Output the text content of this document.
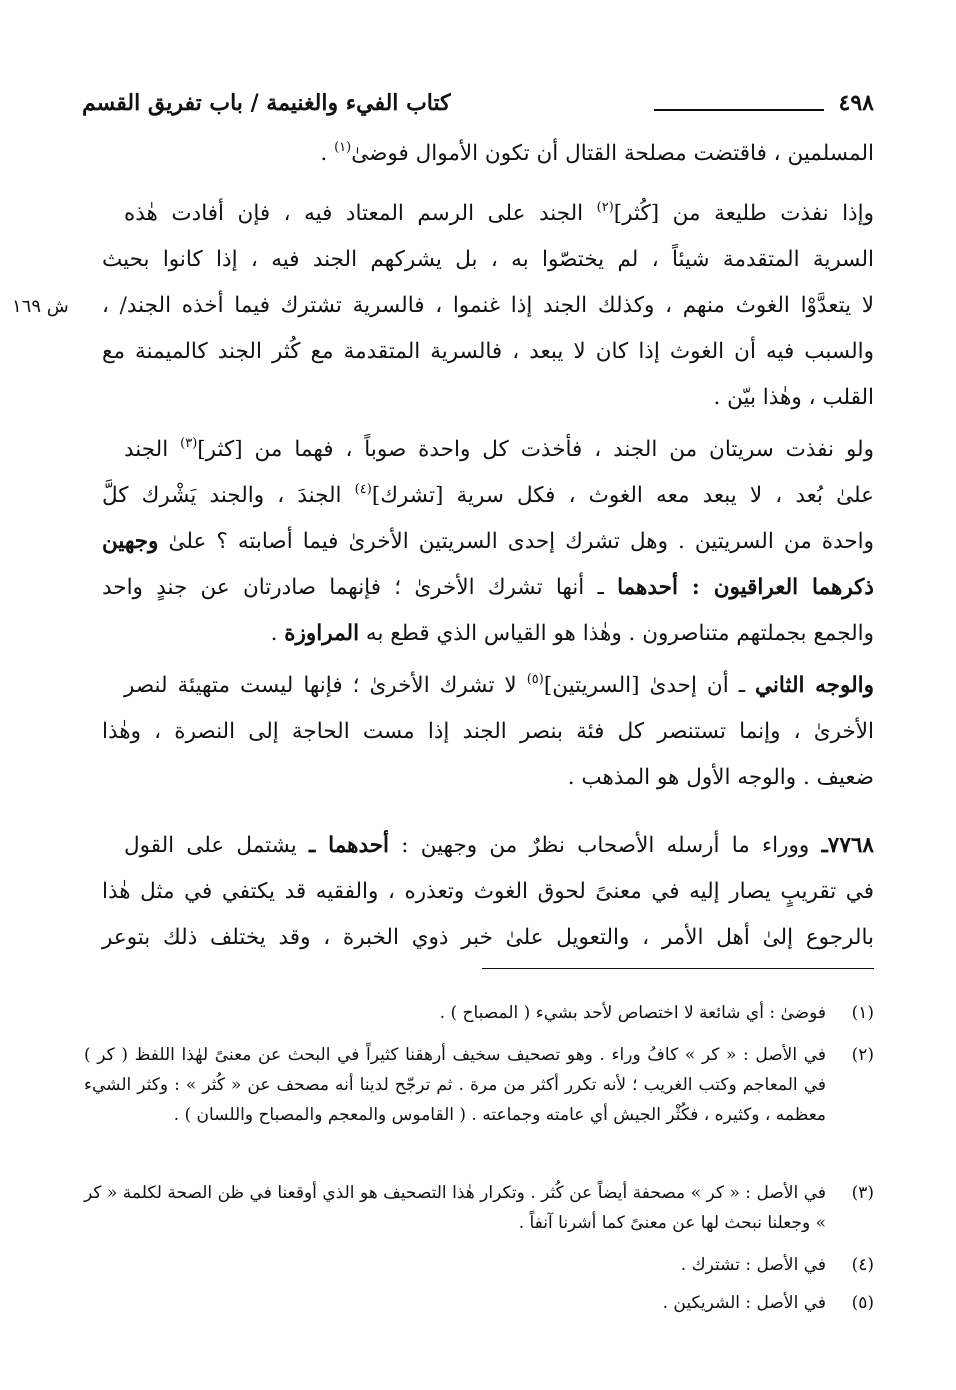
٤٩٨
كتاب الفيء والغنيمة / باب تفريق القسم
ش ١٦٩
المسلمين ، فاقتضت مصلحة القتال أن تكون الأموال فوضىٰ$^{(١)}$ .
وإذا نفذت طليعة من [كُثر]$^{(٢)}$ الجند على الرسم المعتاد فيه ، فإن أفادت هٰذه
السرية المتقدمة شيئاً ، لم يختصّوا به ، بل يشركهم الجند فيه ، إذا كانوا بحيث
لا يتعدَّوْا الغوث منهم ، وكذلك الجند إذا غنموا ، فالسرية تشترك فيما أخذه الجند/ ،
والسبب فيه أن الغوث إذا كان لا يبعد ، فالسرية المتقدمة مع كُثر الجند كالميمنة مع
القلب ، وهٰذا بيّن .
ولو نفذت سريتان من الجند ، فأخذت كل واحدة صوباً ، فهما من [كثر]$^{(٣)}$ الجند
علىٰ بُعد ، لا يبعد معه الغوث ، فكل سرية [تشرك]$^{(٤)}$ الجندَ ، والجند يَشْرك كلَّ
واحدة من السريتين . وهل تشرك إحدى السريتين الأخرىٰ فيما أصابته ؟ علىٰ وجهين
ذكرهما العراقيون : أحدهما ـ أنها تشرك الأخرىٰ ؛ فإنهما صادرتان عن جندٍ واحد
والجمع بجملتهم متناصرون . وهٰذا هو القياس الذي قطع به المراوزة .
والوجه الثاني ـ أن إحدىٰ [السريتين]$^{(٥)}$ لا تشرك الأخرىٰ ؛ فإنها ليست متهيئة لنصر
الأخرىٰ ، وإنما تستنصر كل فئة بنصر الجند إذا مست الحاجة إلى النصرة ، وهٰذا
ضعيف . والوجه الأول هو المذهب .
٧٧٦٨ـ ووراء ما أرسله الأصحاب نظرٌ من وجهين : أحدهما ـ يشتمل على القول
في تقريبٍ يصار إليه في معنىً لحوق الغوث وتعذره ، والفقيه قد يكتفي في مثل هٰذا
بالرجوع إلىٰ أهل الأمر ، والتعويل علىٰ خبر ذوي الخبرة ، وقد يختلف ذلك بتوعر
(١)
فوضىٰ : أي شائعة لا اختصاص لأحد بشيء ( المصباح ) .
(٢)
في الأصل : « كر » كافُ وراء . وهو تصحيف سخيف أرهقنا كثيراً في البحث عن معنىً لهٰذا اللفظ ( كر ) في المعاجم وكتب الغريب ؛ لأنه تكرر أكثر من مرة . ثم ترجّح لدينا أنه مصحف عن « كُثر » : وكثر الشيء معظمه ، وكثيره ، فكُثْر الجيش أي عامته وجماعته . ( القاموس والمعجم والمصباح واللسان ) .
(٣)
في الأصل : « كر » مصحفة أيضاً عن كُثر . وتكرار هٰذا التصحيف هو الذي أوقعنا في ظن الصحة لكلمة « كر » وجعلنا نبحث لها عن معنىً كما أشرنا آنفاً .
(٤)
في الأصل : تشترك .
(٥)
في الأصل : الشريكين .
